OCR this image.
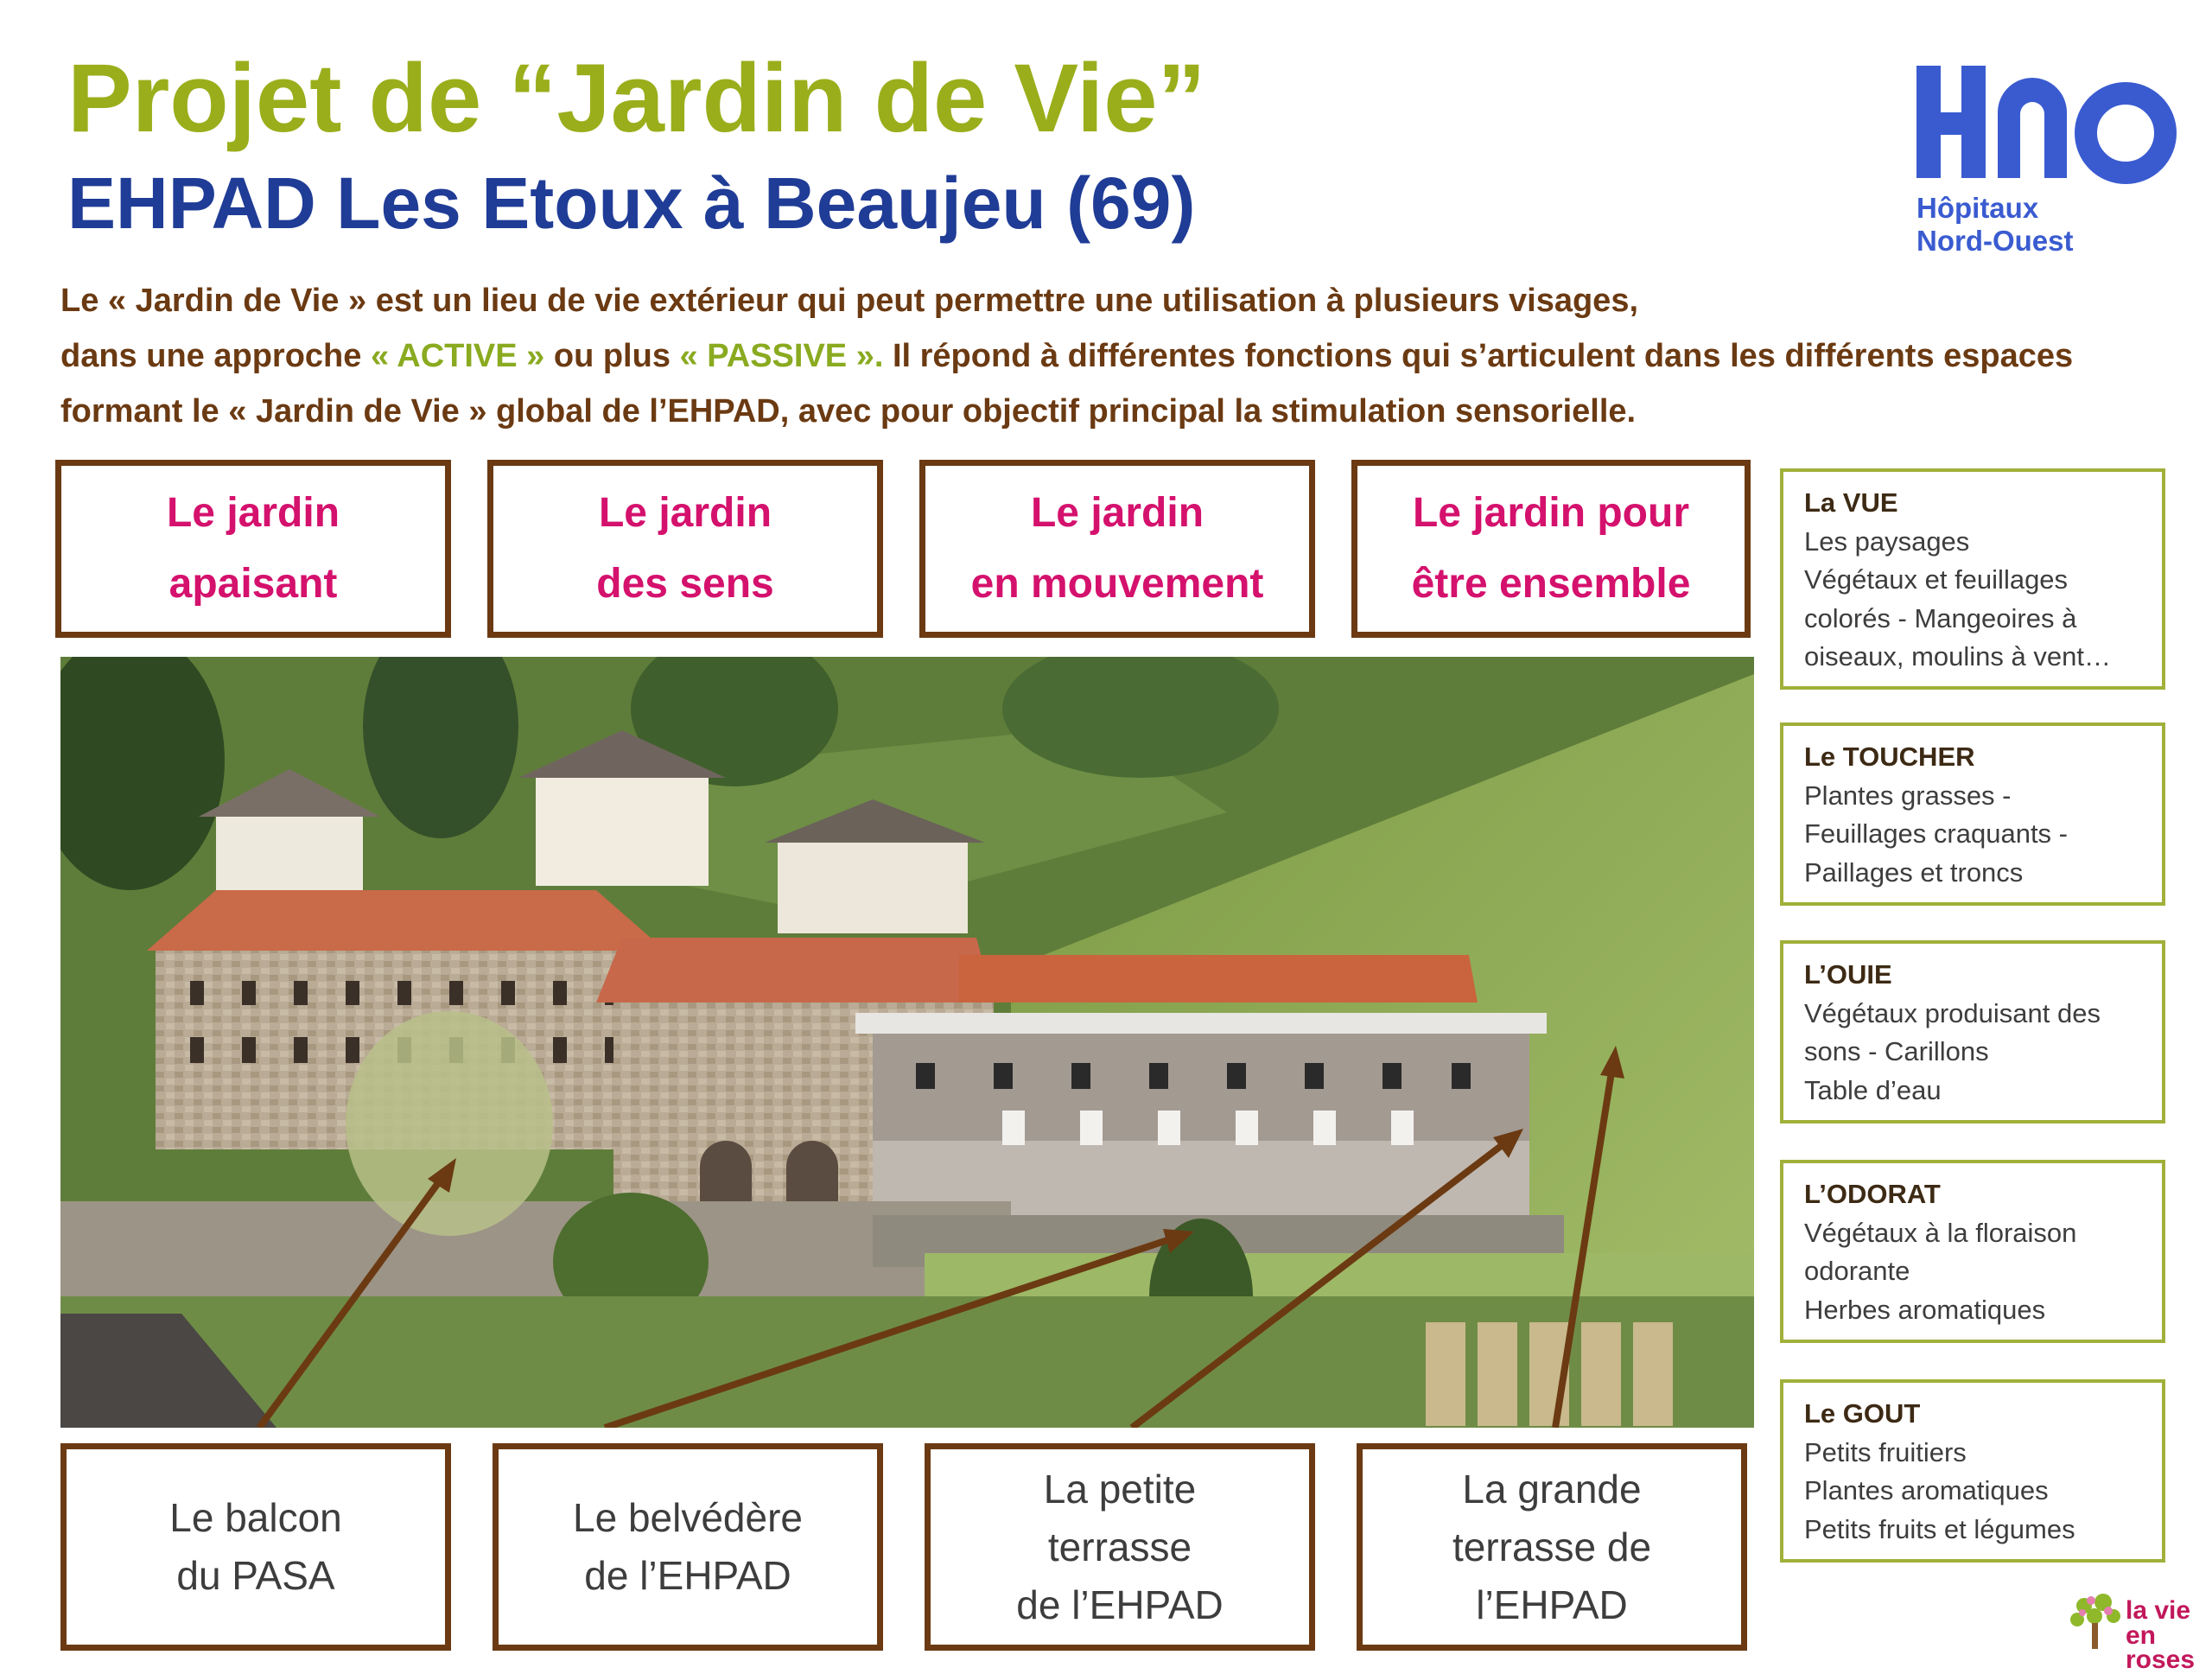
Projet de “Jardin de Vie”
EHPAD Les Etoux à Beaujeu (69)	Hôpitaux
Nord-Ouest
Le « Jardin de Vie » est un lieu de vie extérieur qui peut permettre une utilisation à plusieurs visages,
dans une approche « ACTIVE » ou plus « PASSIVE ». Il répond à différentes fonctions qui s’articulent dans les différents espaces formant le « Jardin de Vie » global de l’EHPAD, avec pour objectif principal la stimulation sensorielle.
Le jardin
apaisant
Le jardin
des sens
Le jardin
en mouvement
Le jardin pour
être ensemble
La VUE
Les paysages
Végétaux et feuillages
colorés - Mangeoires à
oiseaux, moulins à vent…
Le TOUCHER
Plantes grasses -
Feuillages craquants -
Paillages et troncs
L’OUIE
Végétaux produisant des
sons - Carillons
Table d’eau
L’ODORAT
Végétaux à la floraison
odorante
Herbes aromatiques
Le GOUT
Petits fruitiers
Plantes aromatiques
Petits fruits et légumes
Le balcon
du PASA
Le belvédère
de l’EHPAD
La petite
terrasse
de l’EHPAD
La grande
terrasse de
l’EHPAD	la vie
en roses
